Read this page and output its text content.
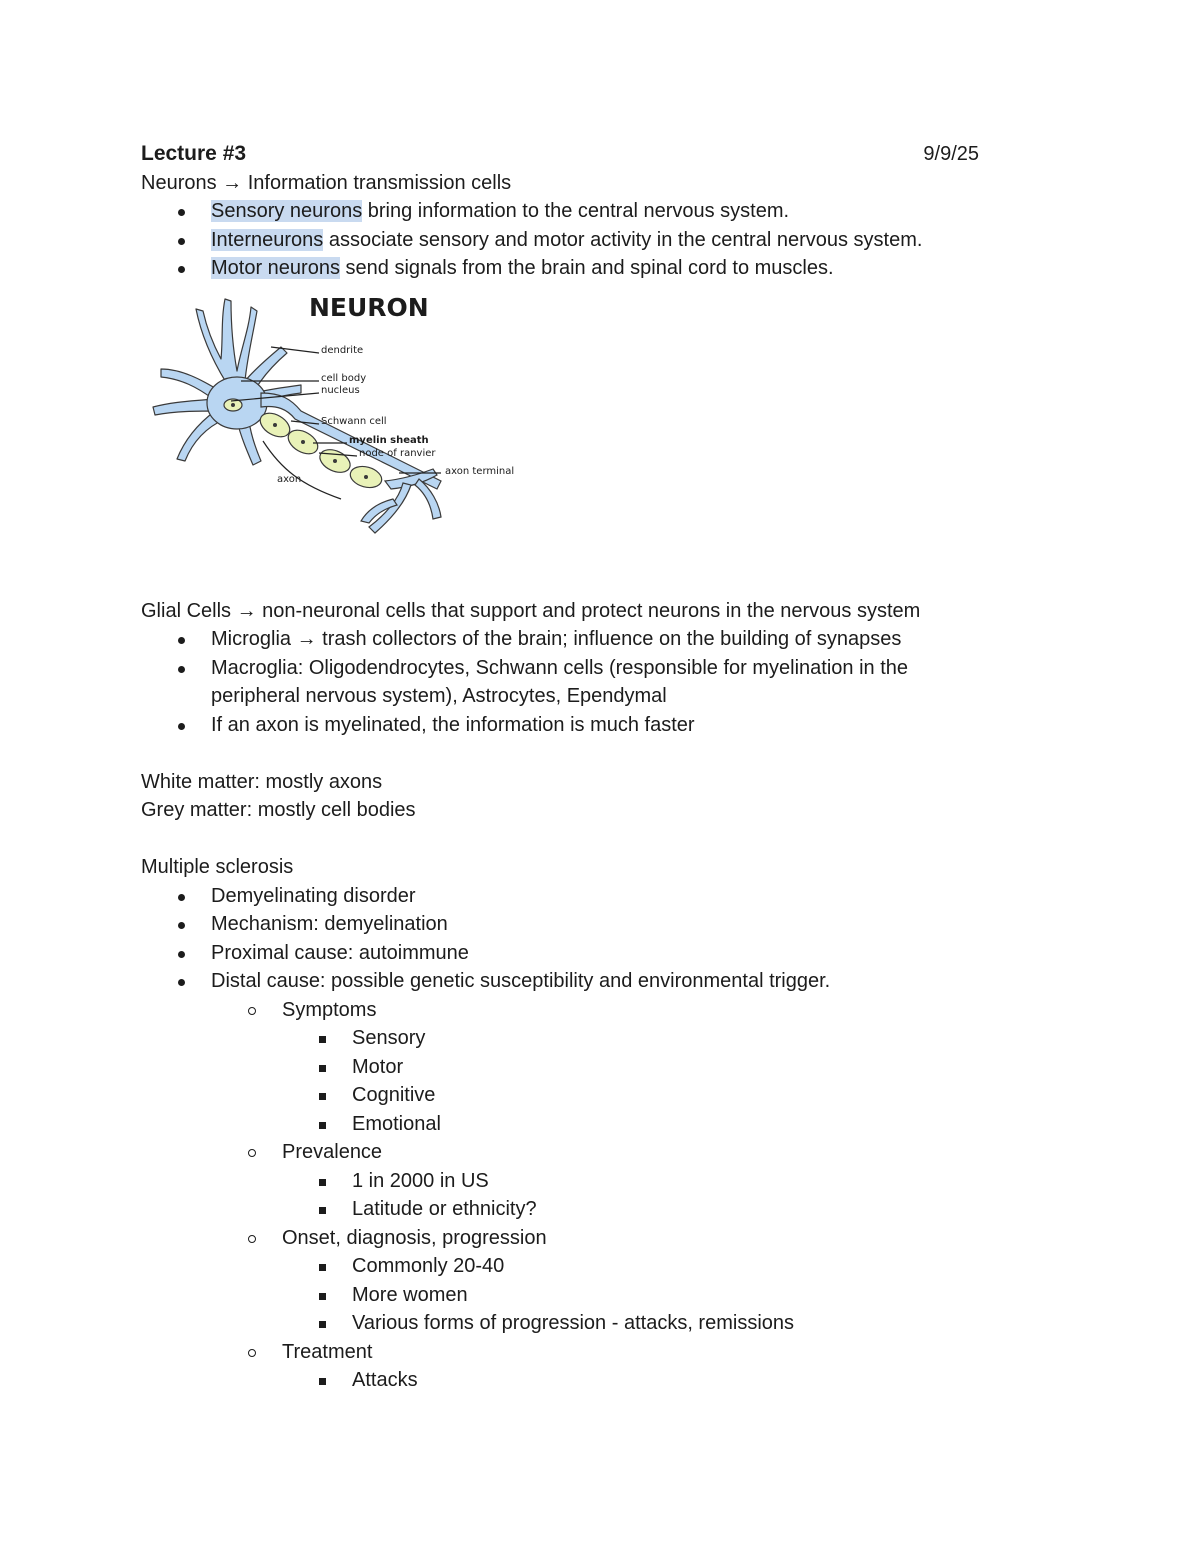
Lecture #3	9/9/25
Neurons → Information transmission cells
Sensory neurons bring information to the central nervous system.
Interneurons associate sensory and motor activity in the central nervous system.
Motor neurons send signals from the brain and spinal cord to muscles.
NEURON
dendrite
cell body
nucleus
Schwann cell
myelin sheath
node of ranvier
axon terminal
axon
Glial Cells → non-neuronal cells that support and protect neurons in the nervous system
Microglia → trash collectors of the brain; influence on the building of synapses
Macroglia: Oligodendrocytes, Schwann cells (responsible for myelination in the
peripheral nervous system), Astrocytes, Ependymal
If an axon is myelinated, the information is much faster
White matter: mostly axons
Grey matter: mostly cell bodies
Multiple sclerosis
Demyelinating disorder
Mechanism: demyelination
Proximal cause: autoimmune
Distal cause: possible genetic susceptibility and environmental trigger.
Symptoms
Sensory
Motor
Cognitive
Emotional
Prevalence
1 in 2000 in US
Latitude or ethnicity?
Onset, diagnosis, progression
Commonly 20-40
More women
Various forms of progression - attacks, remissions
Treatment
Attacks
